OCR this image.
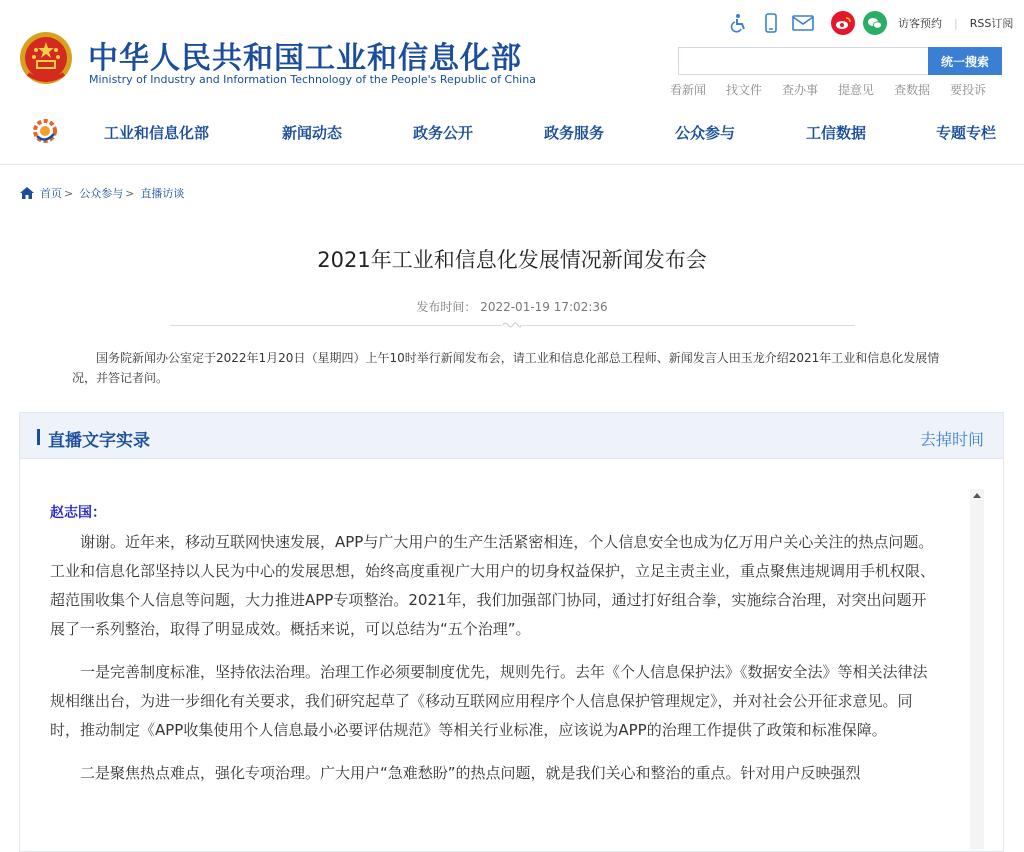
中华人民共和国工业和信息化部
Ministry of Industry and Information Technology of the People's Republic of China
访客预约 | RSS订阅
统一搜索
看新闻 找文件 查办事 提意见 查数据 要投诉
工业和信息化部	新闻动态	政务公开	政务服务	公众参与	工信数据	专题专栏
首页 > 公众参与 > 直播访谈
2021年工业和信息化发展情况新闻发布会
发布时间： 2022-01-19 17:02:36

国务院新闻办公室定于2022年1月20日（星期四）上午10时举行新闻发布会，请工业和信息化部总工程师、新闻发言人田玉龙介绍2021年工业和信息化发展情况，并答记者问。

直播文字实录	去掉时间
赵志国：

谢谢。近年来，移动互联网快速发展，APP与广大用户的生产生活紧密相连，个人信息安全也成为亿万用户关心关注的热点问题。工业和信息化部坚持以人民为中心的发展思想，始终高度重视广大用户的切身权益保护，立足主责主业，重点聚焦违规调用手机权限、超范围收集个人信息等问题，大力推进APP专项整治。2021年，我们加强部门协同，通过打好组合拳，实施综合治理，对突出问题开展了一系列整治，取得了明显成效。概括来说，可以总结为“五个治理”。

一是完善制度标准，坚持依法治理。治理工作必须要制度优先，规则先行。去年《个人信息保护法》《数据安全法》等相关法律法规相继出台，为进一步细化有关要求，我们研究起草了《移动互联网应用程序个人信息保护管理规定》，并对社会公开征求意见。同时，推动制定《APP收集使用个人信息最小必要评估规范》等相关行业标准，应该说为APP的治理工作提供了政策和标准保障。

二是聚焦热点难点，强化专项治理。广大用户“急难愁盼”的热点问题，就是我们关心和整治的重点。针对用户反映强烈
